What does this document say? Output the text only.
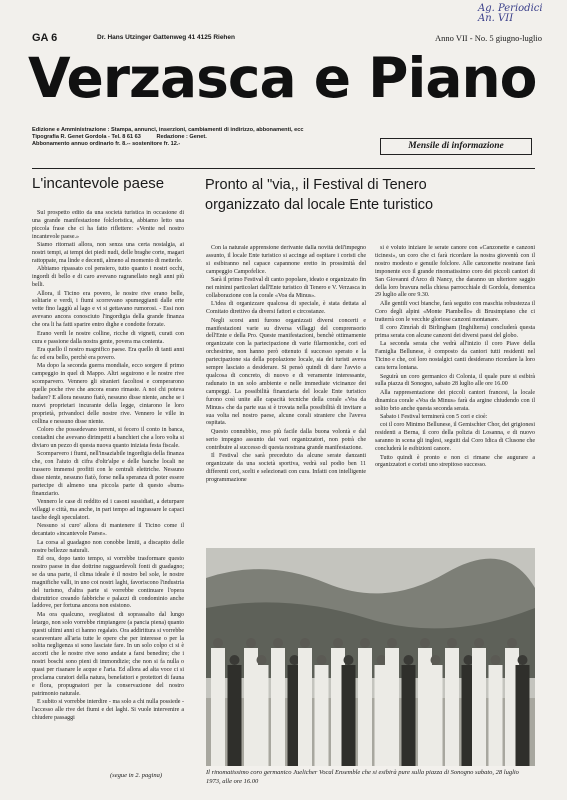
Ag. Periodici
An. VII
GA 6	Dr. Hans Utzinger Gattenweg 41 4125 Riehen	Anno VII - No. 5 giugno-luglio
Verzasca e Piano
Edizione e Amministrazione : Stampa, annunci, inserzioni, cambiamenti di indirizzo, abbonamenti, ecc
Tipografia R. Genet Gordola - Tel. 8 61 63	Redazione : Genet.
Abbonamento annuo ordinario fr. 8.-- sostenitore fr. 12.-	Mensile di informazione
L'incantevole paese	Pronto al "via,, il Festival di Tenero
organizzato dal locale Ente turistico

Sul prospetto edito da una società turistica in occasione di una grande manifestazione folcloristica, abbiamo letto una piccola frase che ci ha fatto riflettere: «Venite nel nostro incantevole paese.»

Siamo ritornati allora, non senza una certa nostalgia, ai nostri tempi, ai tempi dei piedi nudi, delle braghe corte, magari rattoppate, ma linde e decenti, almeno al momento di metterle.

Abbiamo ripassato col pensiero, tutto quanto i nostri occhi, ingordi di bello e di caro avevano ragranellato negli anni più belli.

Allora, il Ticino era povero, le nostre rive erano belle, solitarie e verdi, i fiumi scorrevano spumeggianti dalle erte vette fino laggiù al lago e vi si gettavano rumorosi. - Essi non avevano ancora conosciuto l'ingordigia della grande finanza che ora li ha fatti sparire entro dighe e condotte forzate.

Erano verdi le nostre colline, ricche di vigneti, curati con cura e passione dalla nostra gente, povera ma contenta.

Era quello il nostro magnifico paese. Era quello di tanti anni fa: ed era bello, perchè era povero.

Ma dopo la seconda guerra mondiale, ecco sorgere il primo campeggio in quel di Mappo. Altri seguirono e le nostre rive scomparvero. Vennero gli stranieri facoltosi e comperarono quelle poche rive che ancora erano rimaste. A noi chi poteva badare? E allora nessuno fiatò, nessuno disse niente, anche se i nuovi proprietari incurante della legge, cintarono le loro proprietà, privandoci delle nostre rive. Vennero le ville in collina e nessuno disse niente.

Coloro che possedevano terreni, si fecero il conto in banca, contadini che avevano dirimpetti a banchieri che a loro volta si diviaro un pezzo di questa nuova quanto iniziata festa fiscale.

Scomparvero i fiumi, nell'insaziabile ingordigia della finanza che, con l'aiuto di cifra d'oltr'alpe e delle banche locali ne trassero immensi profitti con le centrali elettriche. Nessuno disse niente, nessuno fiatò, forse nella speranza di poter essere partecipe di almeno una piccola parte di questo «bum» finanziario.

Vennero le case di reddito ed i casoni sussidiati, a deturpare villaggi e città, ma anche, in pari tempo ad ingrassare le capaci tasche degli speculatori.

Nessuno si curo' allora di mantenere il Ticino come il decantato «incantevole Paese».

La corsa al guadagno non conobbe limiti, a discapito delle nostre bellezze naturali.

Ed ora, dopo tanto tempo, si vorrebbe trasformare questo nostro paese in due dottrine ragguardevoli fonti di guadagno; se da una parte, il clima ideale è il nostro bel sole, le nostre magnifiche valli, in uno coi nostri laghi, favoriscono l'industria del turismo, d'altra parte si vorrebbe continuare l'opera distruttrice creando fabbriche e palazzi di condominio anche laddove, per fortuna ancora non esistono.

Ma ora qualcuno, svegliatosi di soprassalto dal lungo letargo, non solo vorrebbe rimpiangere (a pancia piena) quanto questi ultimi anni ci hanno regalato. Ora addirittura si vorrebbe scaraventare all'aria tutte le opere che per interesse o per la solita negligenza si sono lasciate fare. In un solo colpo ci si è accorti che le nostre rive sono andate a farsi benedire; che i nostri boschi sono pieni di immondizie; che non si fa nulla o quasi per risanare le acque e l'aria. Ed allora ad alta voce ci si proclama curatori della natura, benefattori e protettori di fauna e flora, propugnatori per la conservazione del nostro patrimonio naturale.

E subito si vorrebbe interdire - ma solo a chi nulla possiede - l'accesso alle rive dei fiumi e dei laghi. Si vuole intervenire a chiudere passaggi

Con la naturale apprensione derivante dalla novità dell'impegno assunto, il locale Ente turistico si accinge ad ospitare i coristi che si esibiranno nel capace capannone eretto in prossimità del campeggio Campofelice.

Sarà il primo Festival di canto popolare, ideato e organizzato fin nei minimi particolari dall'Ente turistico di Tenero e V. Verzasca in collaborazione con la corale «Voa da Minus».

L'idea di organizzare qualcosa di speciale, è stata dettata al Comitato direttivo da diversi fattori e circostanze.

Negli scorsi anni furono organizzati diversi concerti e manifestazioni varie su diversa villaggi del comprensorio dell'Ente e della Pro. Queste manifestazioni, benchè ottimamente organizzate con la partecipazione di varie filarmoniche, cori ed orchestrine, non hanno però ottenuto il successo sperato e la partecipazione sia della popolazione locale, sia dei turisti aveva sempre lasciato a desiderare. Si pensò quindi di dare l'avvio a qualcosa di concreto, di nuovo e di veramente interessante, radunato in un solo ambiente e nelle immediate vicinanze dei campeggi. La possibilità finanziaria del locale Ente turistico furono così unite alle capacità tecniche della corale «Voa da Minus» che da parte sua si è trovata nella possibilità di invitare a sua volta nel nostro paese, alcune corali straniere che l'aveva ospitata.

Questo connubbio, reso più facile dalla buona volontà e dal serio impegno assunto dai vari organizzatori, non potrà che contribuire al successo di questa nostrana grande manifestazione.

Il Festival che sarà preceduto da alcune serate danzanti organizzate da una società sportiva, vedrà sul podio ben 11 differenti cori, scelti e selezionati con cura. Infatti con intelligente programmazione

si è voluto iniziare le serate canore con «Canzonette e canzoni ticinesi», un coro che ci farà ricordare la nostra gioventù con il nostro modesto e genuile folclore. Alle canzonette nostrane farà imponente eco il grande rinomatissimo coro dei piccoli cantori di San Giovanni d'Arco di Nancy, che daranno un ulteriore saggio della loro bravura nella chiesa parrocchiale di Gordola, domenica 29 luglio alle ore 9.30.

Alle gentili voci bianche, farà seguito con maschia robustezza il Coro degli alpini «Monte Piambello» di Brusimpiano che ci tratterrà con le vecchie gloriose canzoni montanare.

Il coro Zimrìah di Birlingham (Inghilterra) concluderà questa prima serata con alcune canzoni dei diversi paesi del globo.

La seconda serata che vedrà all'inizio il coro Piave della Famiglia Bellunese, è composto da cantori tutti residenti nel Ticino e che, coi loro nostalgici canti desiderano ricordare la loro cara terra lontana.

Seguirà un coro germanico di Colonia, il quale pure si esibirà sulla piazza di Sonogno, sabato 28 luglio alle ore 16.00

Alla rappresentazione dei piccoli cantori francesi, la locale dinamica corale «Voa da Minus» farà da argine chiudendo con il solito brio anche questa seconda serata.

Sabato i Festival terminerà con 5 cori e cioè:

coi il coro Minimo Bellunese, il Gemischter Chor, dei grigionesi residenti a Berna, il coro della polizia di Losanna, e di nuovo saranno in scena gli inglesi, seguiti dal Coro Idica di Clusone che concluderà le esibizioni canore.

Tutto quindi è pronto e non ci rimane che augurare a organizzatori e coristi uno strepitoso successo.

(segue in 2. pagina)	Il rinomatissimo coro germanico Juelicher Vocal Ensemble che si esibirà pure sulla piazza di Sonogno sabato, 28 luglio 1973, alle ore 16.00
